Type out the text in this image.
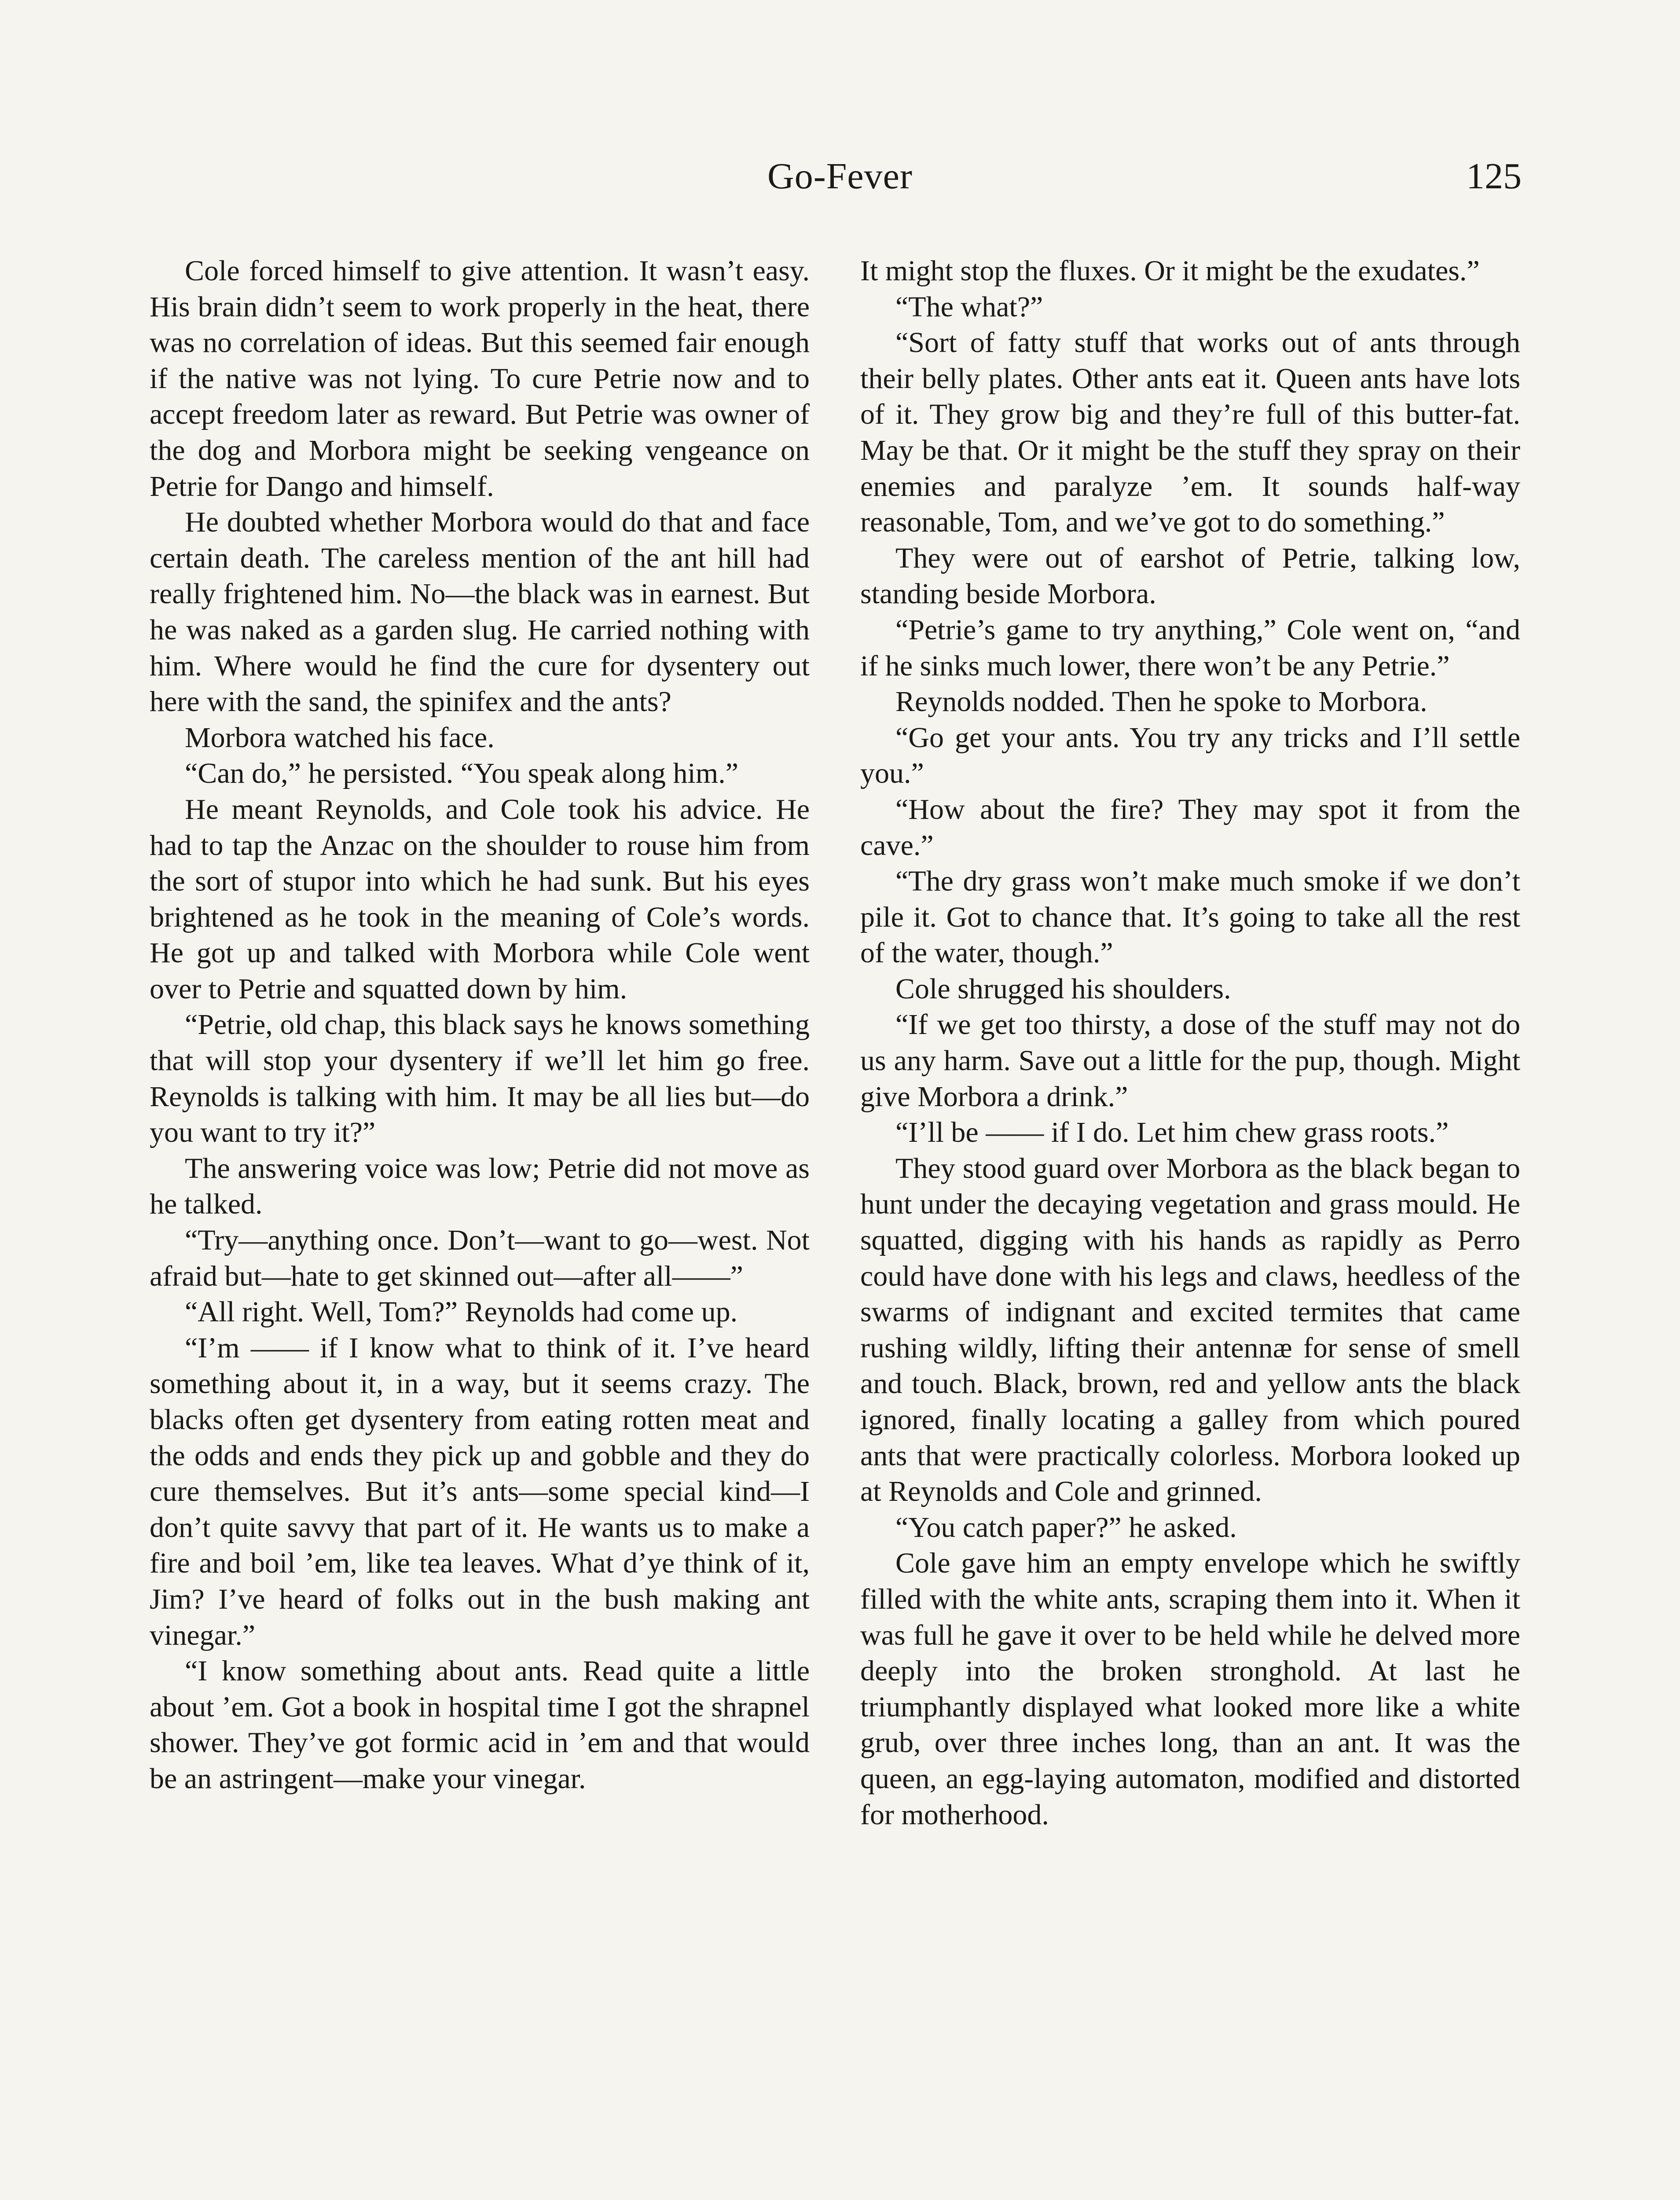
Go-Fever	125

Cole forced himself to give attention. It wasn’t easy. His brain didn’t seem to work properly in the heat, there was no correlation of ideas. But this seemed fair enough if the native was not lying. To cure Petrie now and to accept freedom later as reward. But Petrie was owner of the dog and Morbora might be seeking vengeance on Petrie for Dango and himself.

He doubted whether Morbora would do that and face certain death. The careless mention of the ant hill had really frightened him. No—the black was in earnest. But he was naked as a garden slug. He carried nothing with him. Where would he find the cure for dysentery out here with the sand, the spinifex and the ants?

Morbora watched his face.

“Can do,” he persisted. “You speak along him.”

He meant Reynolds, and Cole took his advice. He had to tap the Anzac on the shoulder to rouse him from the sort of stupor into which he had sunk. But his eyes brightened as he took in the meaning of Cole’s words. He got up and talked with Morbora while Cole went over to Petrie and squatted down by him.

“Petrie, old chap, this black says he knows something that will stop your dysentery if we’ll let him go free. Reynolds is talking with him. It may be all lies but—do you want to try it?”

The answering voice was low; Petrie did not move as he talked.

“Try—anything once. Don’t—want to go—west. Not afraid but—hate to get skinned out—after all——”

“All right. Well, Tom?” Reynolds had come up.

“I’m —— if I know what to think of it. I’ve heard something about it, in a way, but it seems crazy. The blacks often get dysentery from eating rotten meat and the odds and ends they pick up and gobble and they do cure themselves. But it’s ants—some special kind—I don’t quite savvy that part of it. He wants us to make a fire and boil ’em, like tea leaves. What d’ye think of it, Jim? I’ve heard of folks out in the bush making ant vinegar.”

“I know something about ants. Read quite a little about ’em. Got a book in hospital time I got the shrapnel shower. They’ve got formic acid in ’em and that would be an astringent—make your vinegar.

It might stop the fluxes. Or it might be the exudates.”

“The what?”

“Sort of fatty stuff that works out of ants through their belly plates. Other ants eat it. Queen ants have lots of it. They grow big and they’re full of this butter-fat. May be that. Or it might be the stuff they spray on their enemies and paralyze ’em. It sounds half-way reasonable, Tom, and we’ve got to do something.”

They were out of earshot of Petrie, talking low, standing beside Morbora.

“Petrie’s game to try anything,” Cole went on, “and if he sinks much lower, there won’t be any Petrie.”

Reynolds nodded. Then he spoke to Morbora.

“Go get your ants. You try any tricks and I’ll settle you.”

“How about the fire? They may spot it from the cave.”

“The dry grass won’t make much smoke if we don’t pile it. Got to chance that. It’s going to take all the rest of the water, though.”

Cole shrugged his shoulders.

“If we get too thirsty, a dose of the stuff may not do us any harm. Save out a little for the pup, though. Might give Morbora a drink.”

“I’ll be —— if I do. Let him chew grass roots.”

They stood guard over Morbora as the black began to hunt under the decaying vegetation and grass mould. He squatted, digging with his hands as rapidly as Perro could have done with his legs and claws, heedless of the swarms of indignant and excited termites that came rushing wildly, lifting their antennæ for sense of smell and touch. Black, brown, red and yellow ants the black ignored, finally locating a galley from which poured ants that were practically colorless. Morbora looked up at Reynolds and Cole and grinned.

“You catch paper?” he asked.

Cole gave him an empty envelope which he swiftly filled with the white ants, scraping them into it. When it was full he gave it over to be held while he delved more deeply into the broken stronghold. At last he triumphantly displayed what looked more like a white grub, over three inches long, than an ant. It was the queen, an egg-laying automaton, modified and distorted for motherhood.
